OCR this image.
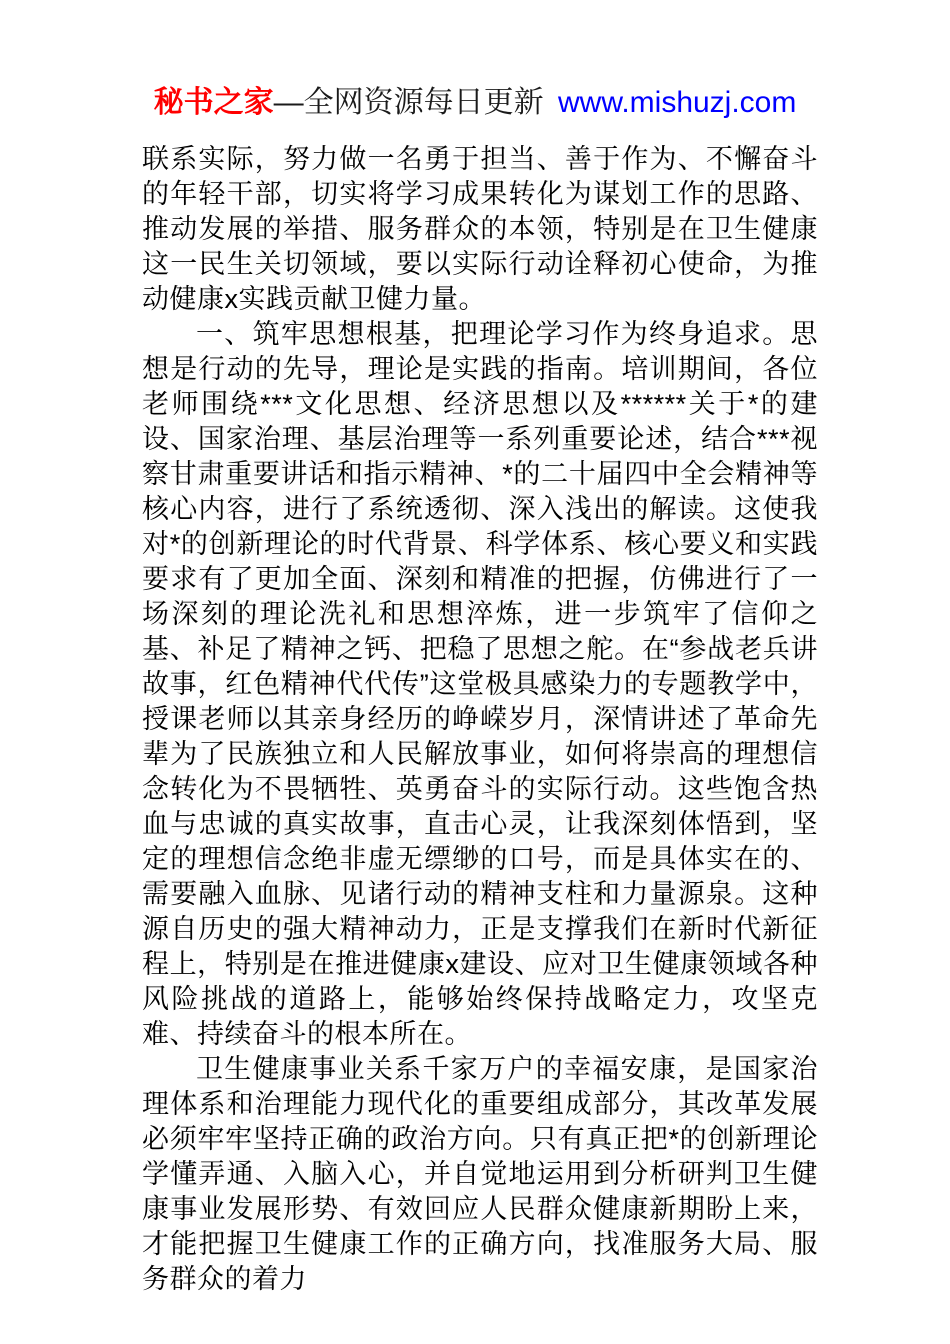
秘书之家—全网资源每日更新  www.mishuzj.com

联系实际，努力做一名勇于担当、善于作为、不懈奋斗的年轻干部，切实将学习成果转化为谋划工作的思路、推动发展的举措、服务群众的本领，特别是在卫生健康这一民生关切领域，要以实际行动诠释初心使命，为推动健康x实践贡献卫健力量。

一、筑牢思想根基，把理论学习作为终身追求。思想是行动的先导，理论是实践的指南。培训期间，各位老师围绕***文化思想、经济思想以及******关于*的建设、国家治理、基层治理等一系列重要论述，结合***视察甘肃重要讲话和指示精神、*的二十届四中全会精神等核心内容，进行了系统透彻、深入浅出的解读。这使我对*的创新理论的时代背景、科学体系、核心要义和实践要求有了更加全面、深刻和精准的把握，仿佛进行了一场深刻的理论洗礼和思想淬炼，进一步筑牢了信仰之基、补足了精神之钙、把稳了思想之舵。在“参战老兵讲故事，红色精神代代传”这堂极具感染力的专题教学中，授课老师以其亲身经历的峥嵘岁月，深情讲述了革命先辈为了民族独立和人民解放事业，如何将崇高的理想信念转化为不畏牺牲、英勇奋斗的实际行动。这些饱含热血与忠诚的真实故事，直击心灵，让我深刻体悟到，坚定的理想信念绝非虚无缥缈的口号，而是具体实在的、需要融入血脉、见诸行动的精神支柱和力量源泉。这种源自历史的强大精神动力，正是支撑我们在新时代新征程上，特别是在推进健康x建设、应对卫生健康领域各种风险挑战的道路上，能够始终保持战略定力，攻坚克难、持续奋斗的根本所在。

卫生健康事业关系千家万户的幸福安康，是国家治理体系和治理能力现代化的重要组成部分，其改革发展必须牢牢坚持正确的政治方向。只有真正把*的创新理论学懂弄通、入脑入心，并自觉地运用到分析研判卫生健康事业发展形势、有效回应人民群众健康新期盼上来，才能把握卫生健康工作的正确方向，找准服务大局、服务群众的着力
